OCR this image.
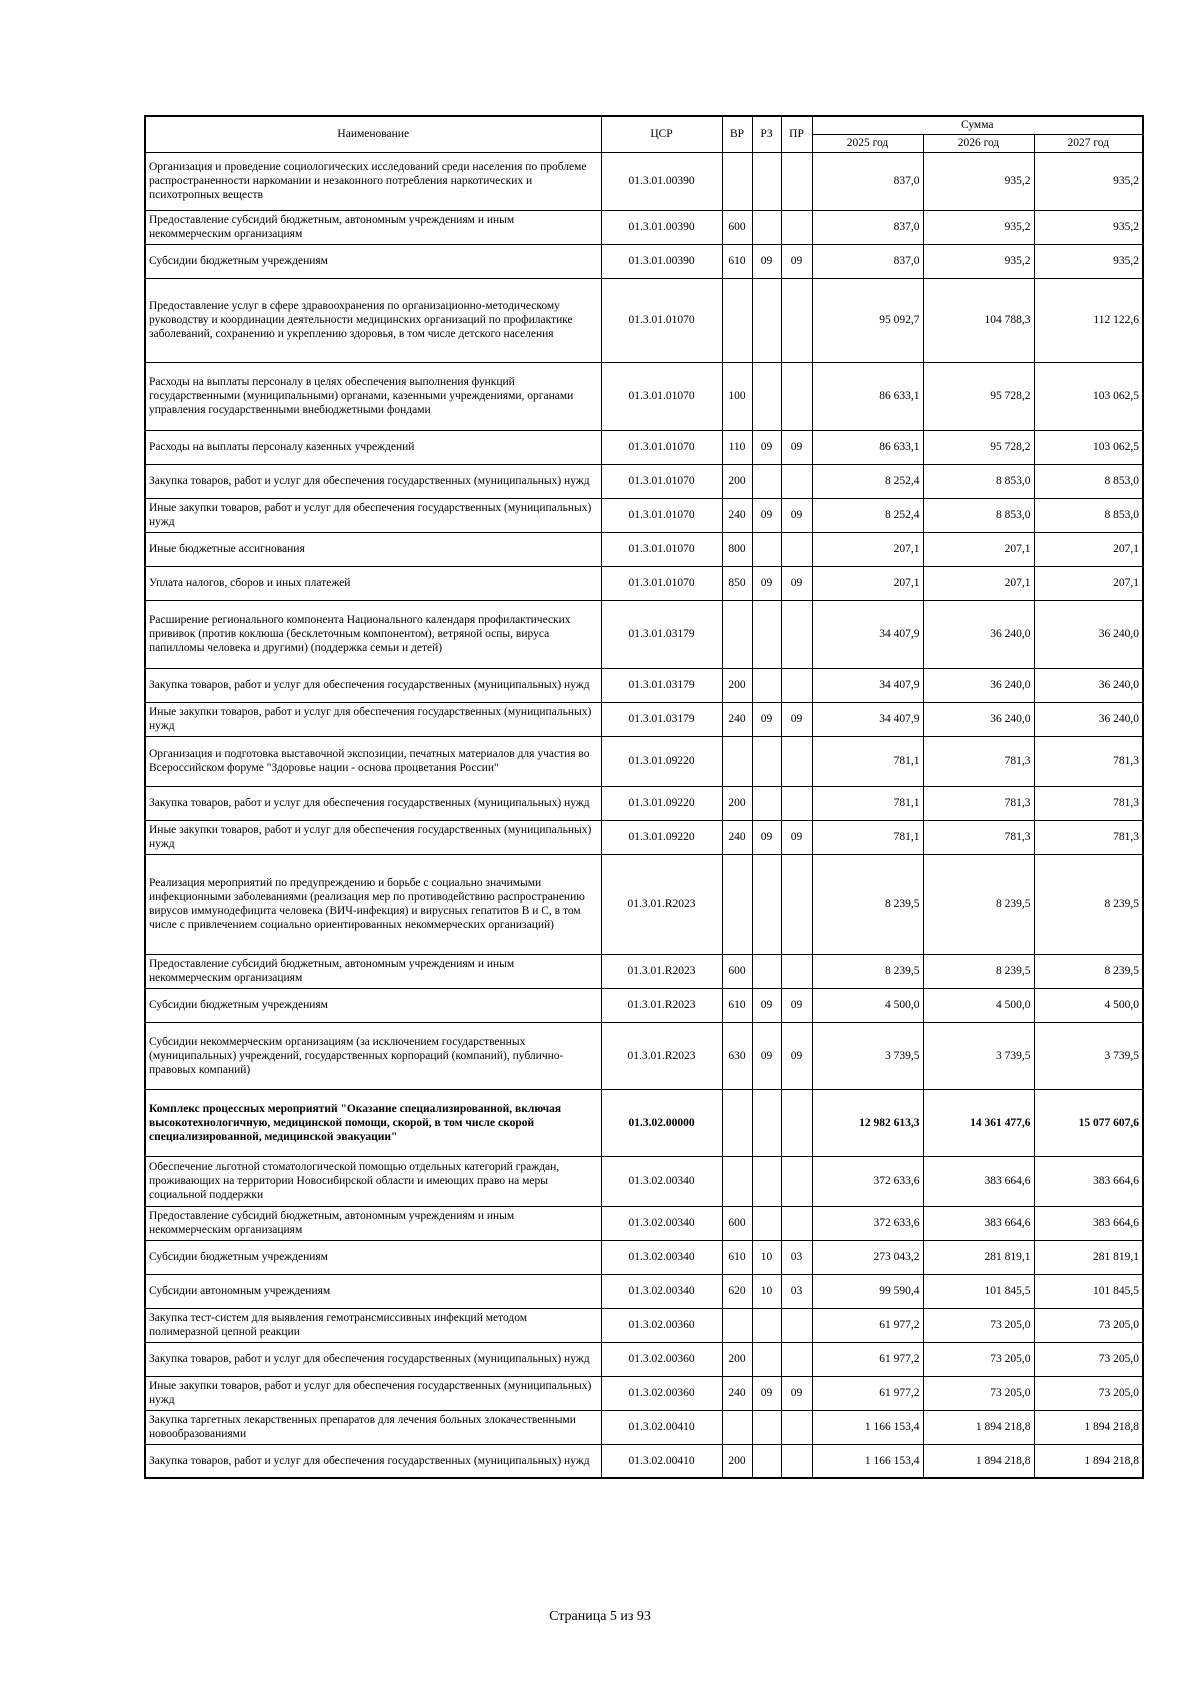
Наименование	ЦСР	ВР	РЗ	ПР	Сумма		
					2025 год	2026 год	2027 год
Организация и проведение социологических исследований среди населения по проблеме распространенности наркомании и незаконного потребления наркотических и психотропных веществ	01.3.01.00390				837,0	935,2	935,2
Предоставление субсидий бюджетным, автономным учреждениям и иным некоммерческим организациям	01.3.01.00390	600			837,0	935,2	935,2
Субсидии бюджетным учреждениям	01.3.01.00390	610	09	09	837,0	935,2	935,2
Предоставление услуг в сфере здравоохранения по организационно-методическому руководству и координации деятельности медицинских организаций по профилактике заболеваний, сохранению и укреплению здоровья, в том числе детского населения	01.3.01.01070				95 092,7	104 788,3	112 122,6
Расходы на выплаты персоналу в целях обеспечения выполнения функций государственными (муниципальными) органами, казенными учреждениями, органами управления государственными внебюджетными фондами	01.3.01.01070	100			86 633,1	95 728,2	103 062,5
Расходы на выплаты персоналу казенных учреждений	01.3.01.01070	110	09	09	86 633,1	95 728,2	103 062,5
Закупка товаров, работ и услуг для обеспечения государственных (муниципальных) нужд	01.3.01.01070	200			8 252,4	8 853,0	8 853,0
Иные закупки товаров, работ и услуг для обеспечения государственных (муниципальных) нужд	01.3.01.01070	240	09	09	8 252,4	8 853,0	8 853,0
Иные бюджетные ассигнования	01.3.01.01070	800			207,1	207,1	207,1
Уплата налогов, сборов и иных платежей	01.3.01.01070	850	09	09	207,1	207,1	207,1
Расширение регионального компонента Национального календаря профилактических прививок (против коклюша (бесклеточным компонентом), ветряной оспы, вируса папилломы человека и другими) (поддержка семьи и детей)	01.3.01.03179				34 407,9	36 240,0	36 240,0
Закупка товаров, работ и услуг для обеспечения государственных (муниципальных) нужд	01.3.01.03179	200			34 407,9	36 240,0	36 240,0
Иные закупки товаров, работ и услуг для обеспечения государственных (муниципальных) нужд	01.3.01.03179	240	09	09	34 407,9	36 240,0	36 240,0
Организация и подготовка выставочной экспозиции, печатных материалов для участия во Всероссийском форуме "Здоровье нации - основа процветания России"	01.3.01.09220				781,1	781,3	781,3
Закупка товаров, работ и услуг для обеспечения государственных (муниципальных) нужд	01.3.01.09220	200			781,1	781,3	781,3
Иные закупки товаров, работ и услуг для обеспечения государственных (муниципальных) нужд	01.3.01.09220	240	09	09	781,1	781,3	781,3
Реализация мероприятий по предупреждению и борьбе с социально значимыми инфекционными заболеваниями (реализация мер по противодействию распространению вирусов иммунодефицита человека (ВИЧ-инфекция) и вирусных гепатитов В и С, в том числе с привлечением социально ориентированных некоммерческих организаций)	01.3.01.R2023				8 239,5	8 239,5	8 239,5
Предоставление субсидий бюджетным, автономным учреждениям и иным некоммерческим организациям	01.3.01.R2023	600			8 239,5	8 239,5	8 239,5
Субсидии бюджетным учреждениям	01.3.01.R2023	610	09	09	4 500,0	4 500,0	4 500,0
Субсидии некоммерческим организациям (за исключением государственных (муниципальных) учреждений, государственных корпораций (компаний), публично-правовых компаний)	01.3.01.R2023	630	09	09	3 739,5	3 739,5	3 739,5
Комплекс процессных мероприятий "Оказание специализированной, включая высокотехнологичную, медицинской помощи, скорой, в том числе скорой специализированной, медицинской эвакуации"	01.3.02.00000				12 982 613,3	14 361 477,6	15 077 607,6
Обеспечение льготной стоматологической помощью отдельных категорий граждан, проживающих на территории Новосибирской области и имеющих право на меры социальной поддержки	01.3.02.00340				372 633,6	383 664,6	383 664,6
Предоставление субсидий бюджетным, автономным учреждениям и иным некоммерческим организациям	01.3.02.00340	600			372 633,6	383 664,6	383 664,6
Субсидии бюджетным учреждениям	01.3.02.00340	610	10	03	273 043,2	281 819,1	281 819,1
Субсидии автономным учреждениям	01.3.02.00340	620	10	03	99 590,4	101 845,5	101 845,5
Закупка тест-систем для выявления гемотрансмиссивных инфекций методом полимеразной цепной реакции	01.3.02.00360				61 977,2	73 205,0	73 205,0
Закупка товаров, работ и услуг для обеспечения государственных (муниципальных) нужд	01.3.02.00360	200			61 977,2	73 205,0	73 205,0
Иные закупки товаров, работ и услуг для обеспечения государственных (муниципальных) нужд	01.3.02.00360	240	09	09	61 977,2	73 205,0	73 205,0
Закупка таргетных лекарственных препаратов для лечения больных злокачественными новообразованиями	01.3.02.00410				1 166 153,4	1 894 218,8	1 894 218,8
Закупка товаров, работ и услуг для обеспечения государственных (муниципальных) нужд	01.3.02.00410	200			1 166 153,4	1 894 218,8	1 894 218,8
Страница 5 из 93
